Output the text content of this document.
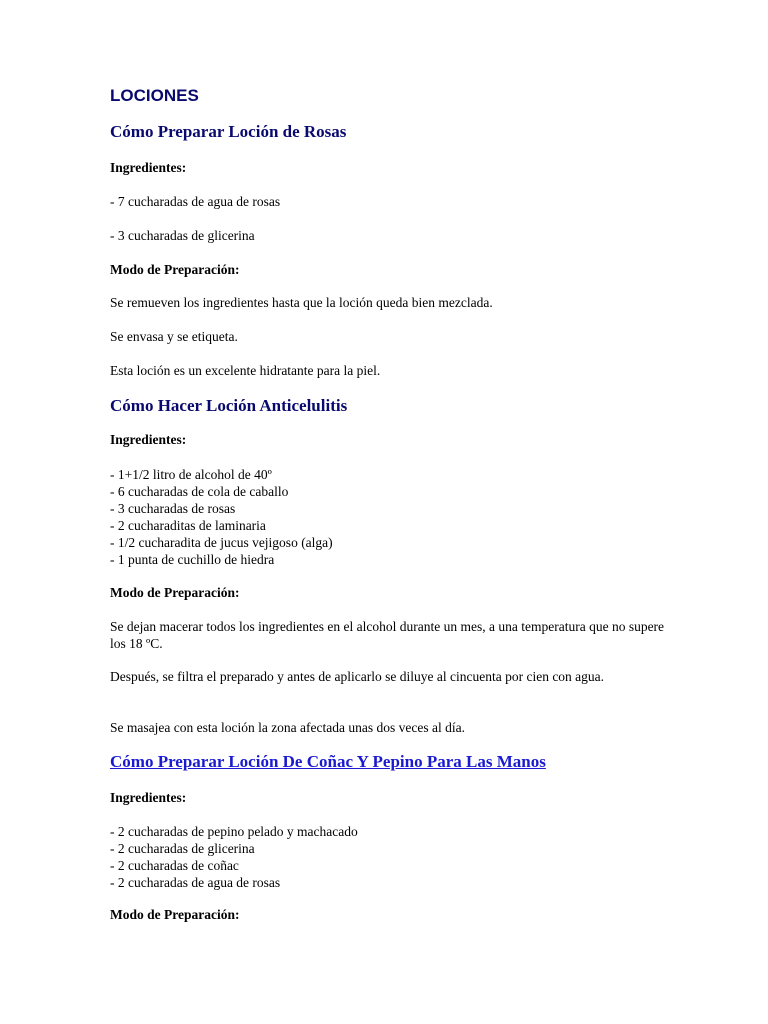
LOCIONES
Cómo Preparar Loción de Rosas

Ingredientes:

- 7 cucharadas de agua de rosas

- 3 cucharadas de glicerina

Modo de Preparación:

Se remueven los ingredientes hasta que la loción queda bien mezclada.

Se envasa y se etiqueta.

Esta loción es un excelente hidratante para la piel.

Cómo Hacer Loción Anticelulitis

Ingredientes:

- 1+1/2 litro de alcohol de 40º

- 6 cucharadas de cola de caballo

- 3 cucharadas de rosas

- 2 cucharaditas de laminaria

- 1/2 cucharadita de jucus vejigoso (alga)

- 1 punta de cuchillo de hiedra

Modo de Preparación:

Se dejan macerar todos los ingredientes en el alcohol durante un mes, a una temperatura que no supere los 18 ºC.

Después, se filtra el preparado y antes de aplicarlo se diluye al cincuenta por cien con agua.

Se masajea con esta loción la zona afectada unas dos veces al día.

Cómo Preparar Loción De Coñac Y Pepino Para Las Manos

Ingredientes:

- 2 cucharadas de pepino pelado y machacado

- 2 cucharadas de glicerina

- 2 cucharadas de coñac

- 2 cucharadas de agua de rosas

Modo de Preparación:
